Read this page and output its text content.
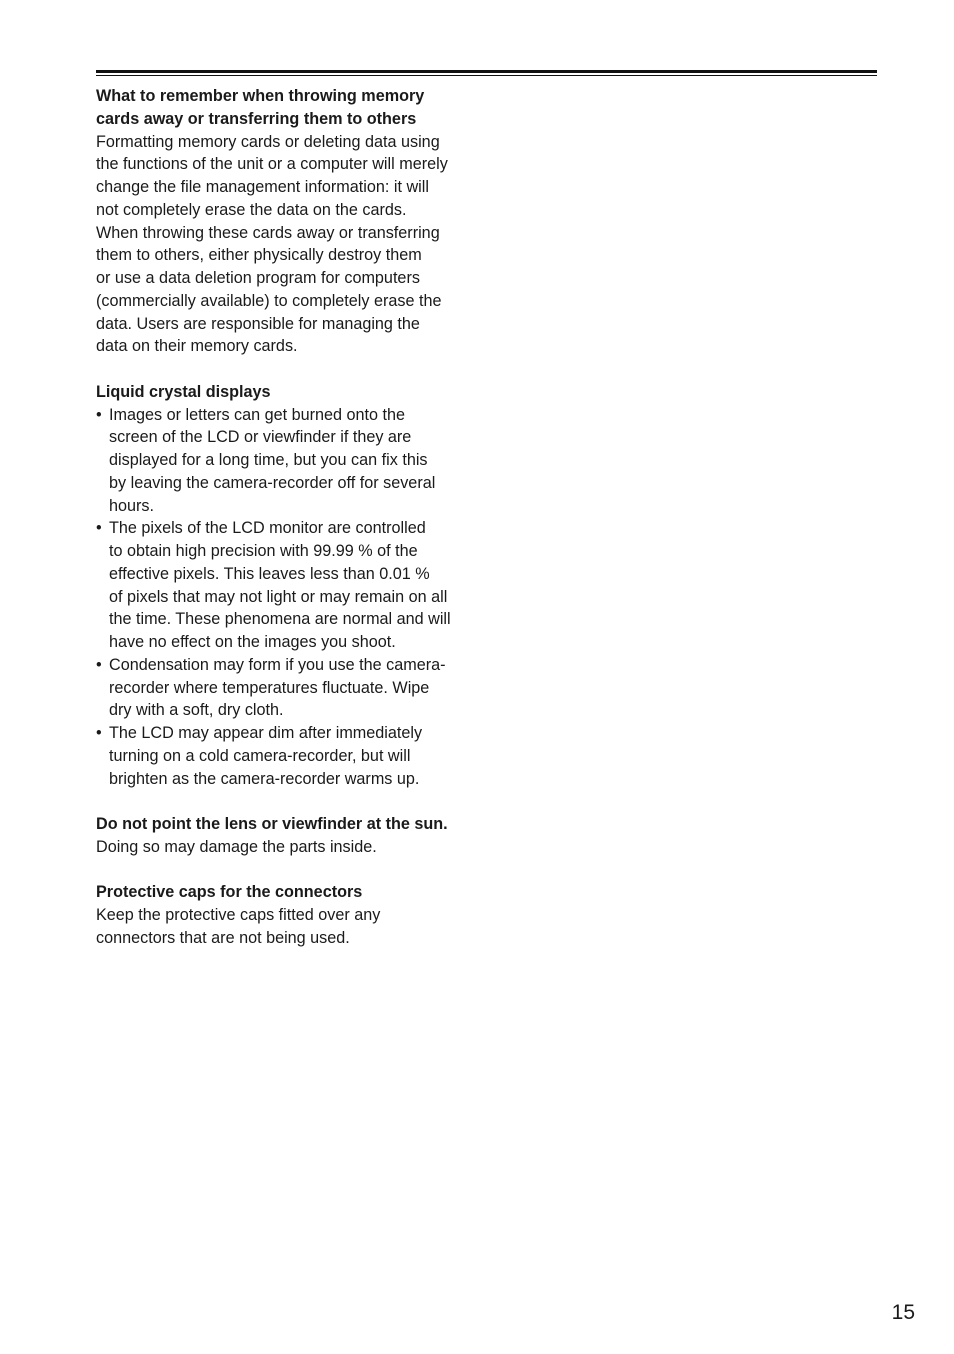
What to remember when throwing memory
cards away or transferring them to others

Formatting memory cards or deleting data using
the functions of the unit or a computer will merely
change the file management information: it will
not completely erase the data on the cards.
When throwing these cards away or transferring
them to others, either physically destroy them
or use a data deletion program for computers
(commercially available) to completely erase the
data. Users are responsible for managing the
data on their memory cards.

Liquid crystal displays

• Images or letters can get burned onto the
screen of the LCD or viewfinder if they are
displayed for a long time, but you can fix this
by leaving the camera-recorder off for several
hours.
• The pixels of the LCD monitor are controlled
to obtain high precision with 99.99 % of the
effective pixels. This leaves less than 0.01 %
of pixels that may not light or may remain on all
the time. These phenomena are normal and will
have no effect on the images you shoot.
• Condensation may form if you use the camera-
recorder where temperatures fluctuate. Wipe
dry with a soft, dry cloth.
• The LCD may appear dim after immediately
turning on a cold camera-recorder, but will
brighten as the camera-recorder warms up.

Do not point the lens or viewfinder at the sun.

Doing so may damage the parts inside.

Protective caps for the connectors

Keep the protective caps fitted over any
connectors that are not being used.

15
